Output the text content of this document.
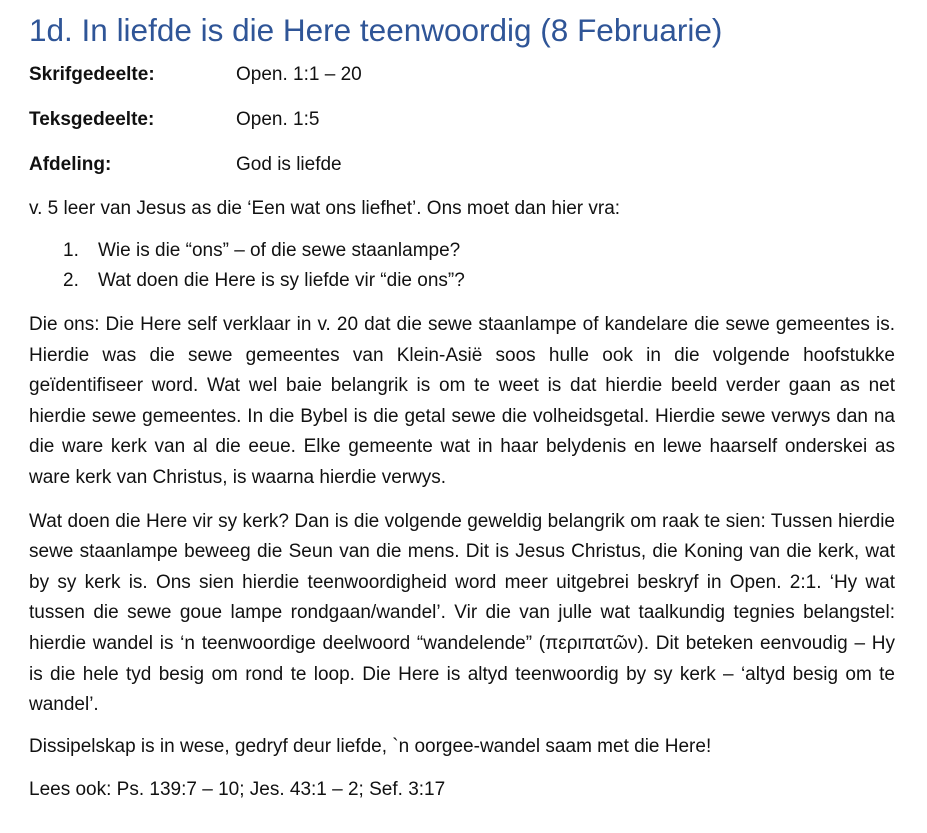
1d. In liefde is die Here teenwoordig (8 Februarie)
Skrifgedeelte:	Open. 1:1 – 20
Teksgedeelte:	Open. 1:5
Afdeling:	God is liefde

v. 5 leer van Jesus as die ‘Een wat ons liefhet’. Ons moet dan hier vra:

1.	Wie is die “ons” – of die sewe staanlampe?
2.	Wat doen die Here is sy liefde vir “die ons”?

Die ons: Die Here self verklaar in v. 20 dat die sewe staanlampe of kandelare die sewe gemeentes is. Hierdie was die sewe gemeentes van Klein-Asië soos hulle ook in die volgende hoofstukke geïdentifiseer word. Wat wel baie belangrik is om te weet is dat hierdie beeld verder gaan as net hierdie sewe gemeentes. In die Bybel is die getal sewe die volheidsgetal. Hierdie sewe verwys dan na die ware kerk van al die eeue. Elke gemeente wat in haar belydenis en lewe haarself onderskei as ware kerk van Christus, is waarna hierdie verwys.

Wat doen die Here vir sy kerk? Dan is die volgende geweldig belangrik om raak te sien: Tussen hierdie sewe staanlampe beweeg die Seun van die mens. Dit is Jesus Christus, die Koning van die kerk, wat by sy kerk is. Ons sien hierdie teenwoordigheid word meer uitgebrei beskryf in Open. 2:1. ‘Hy wat tussen die sewe goue lampe rondgaan/wandel’. Vir die van julle wat taalkundig tegnies belangstel: hierdie wandel is ‘n teenwoordige deelwoord “wandelende” (περιπατῶν). Dit beteken eenvoudig – Hy is die hele tyd besig om rond te loop. Die Here is altyd teenwoordig by sy kerk – ‘altyd besig om te wandel’.

Dissipelskap is in wese, gedryf deur liefde, `n oorgee-wandel saam met die Here!

Lees ook: Ps. 139:7 – 10; Jes. 43:1 – 2; Sef. 3:17
